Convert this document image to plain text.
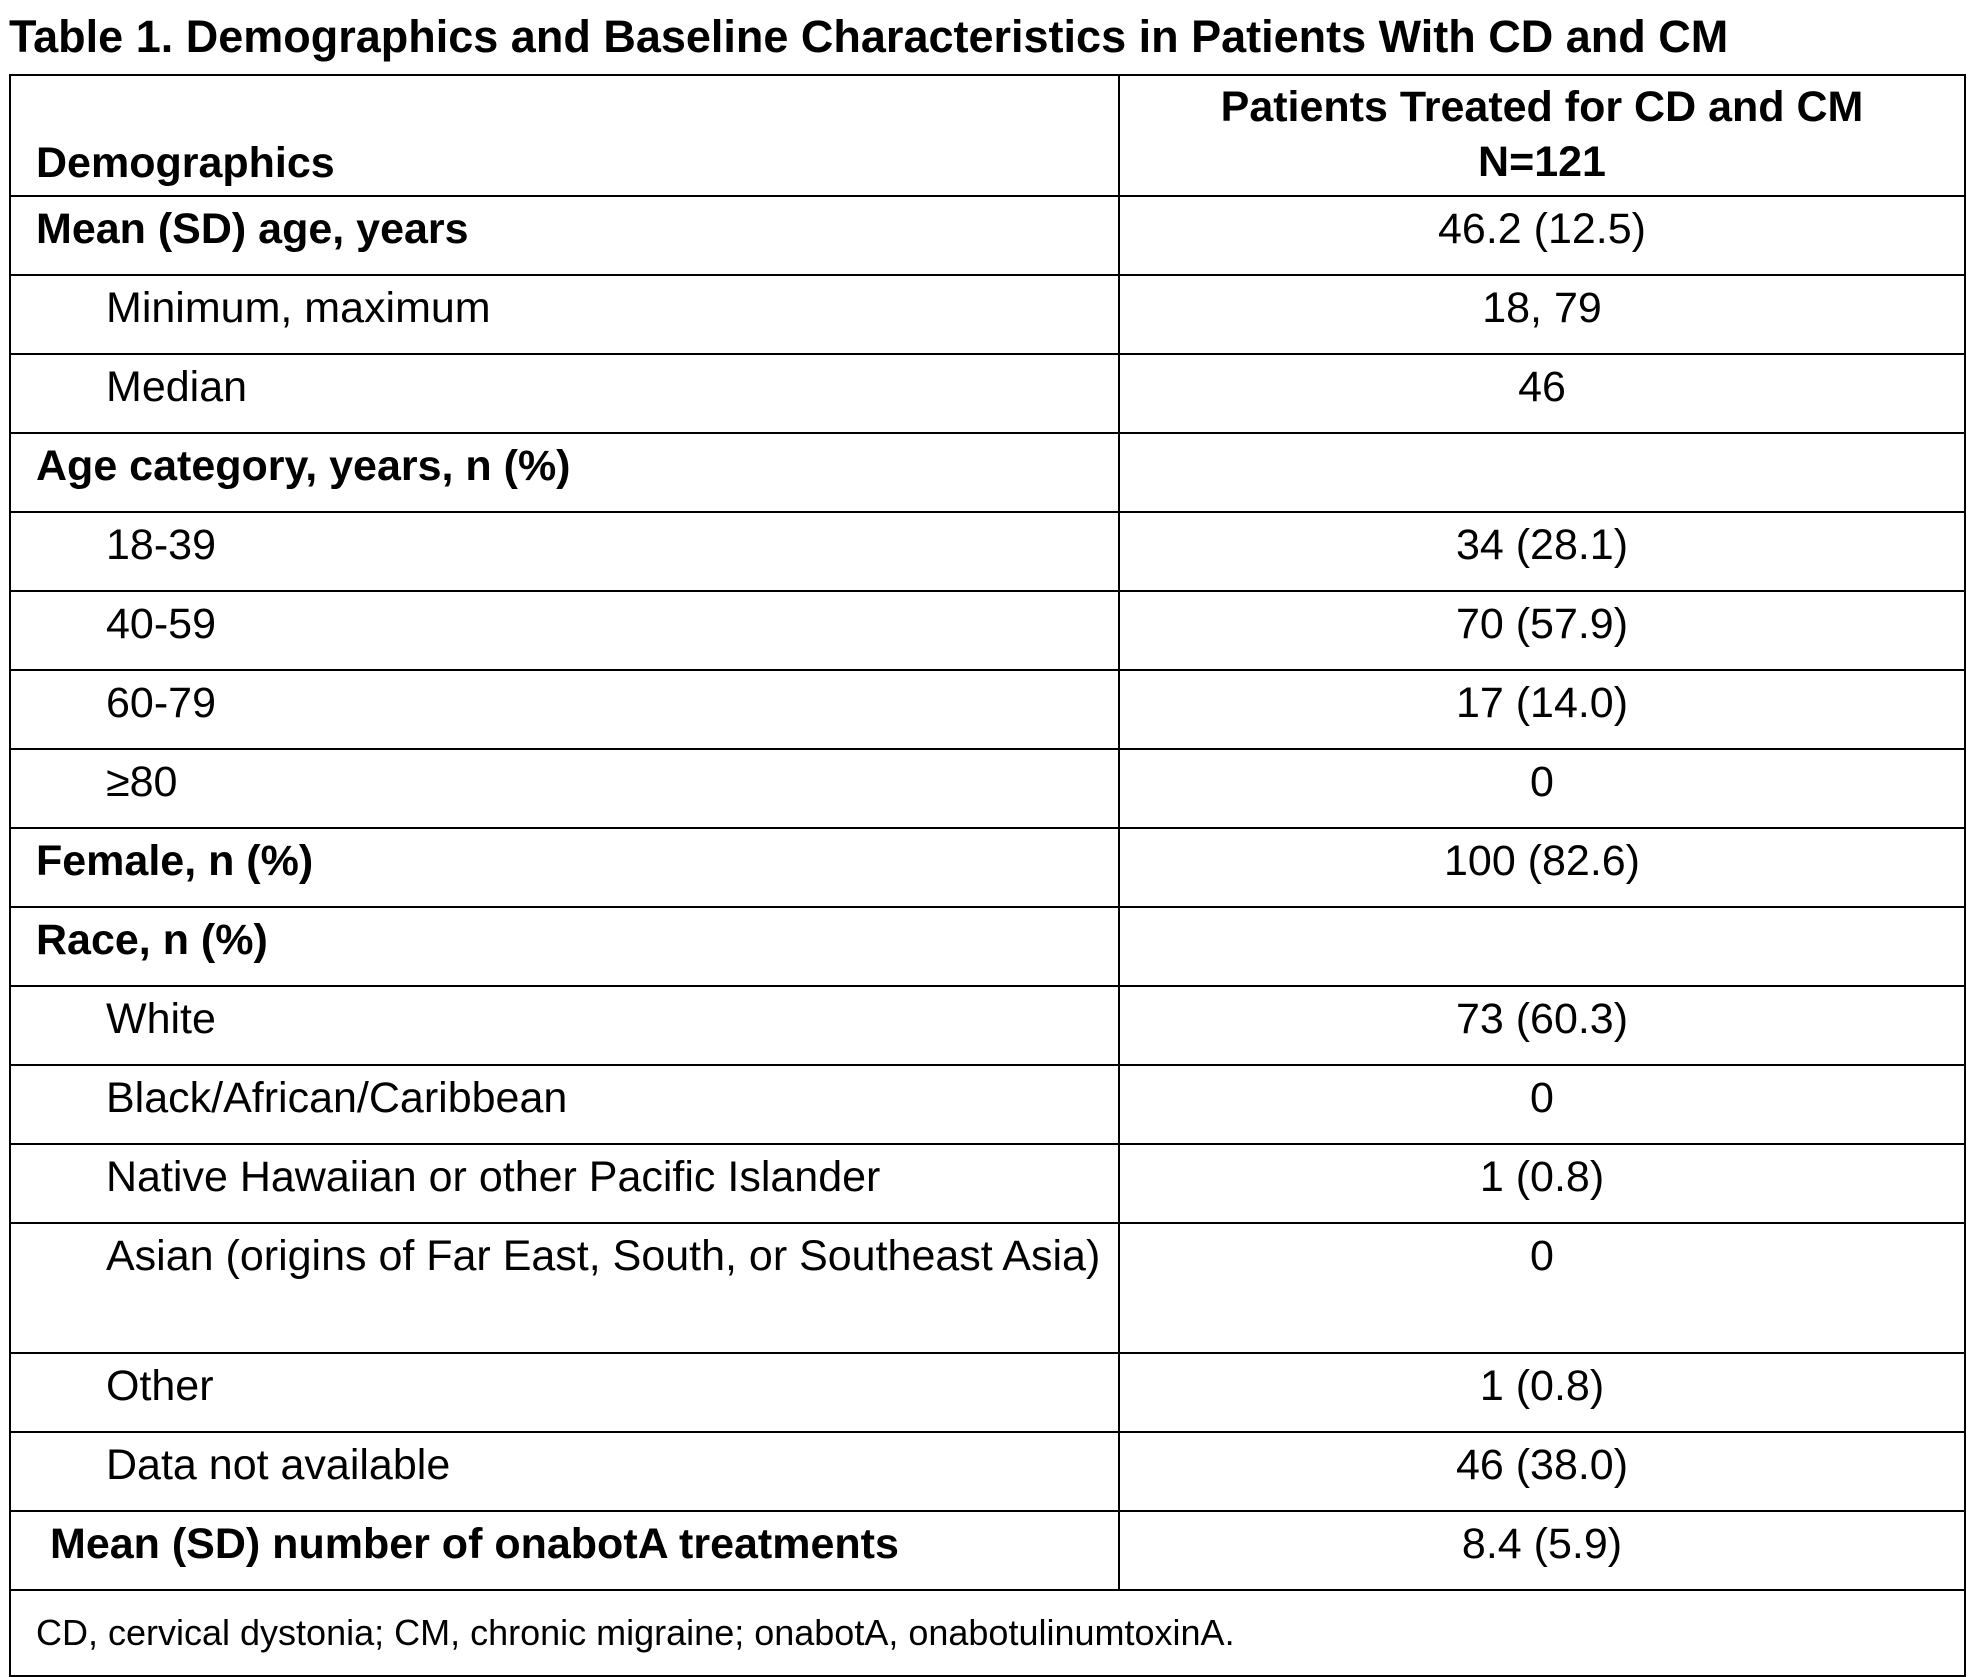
Table 1. Demographics and Baseline Characteristics in Patients With CD and CM
Demographics	Patients Treated for CD and CM
N=121

Mean (SD) age, years	46.2 (12.5)
Minimum, maximum	18, 79
Median	46
Age category, years, n (%)	
18-39	34 (28.1)
40-59	70 (57.9)
60-79	17 (14.0)
≥80	0
Female, n (%)	100 (82.6)
Race, n (%)	
White	73 (60.3)
Black/African/Caribbean	0
Native Hawaiian or other Pacific Islander	1 (0.8)
Asian (origins of Far East, South, or Southeast Asia)	0
Other	1 (0.8)
Data not available	46 (38.0)
Mean (SD) number of onabotA treatments	8.4 (5.9)
CD, cervical dystonia; CM, chronic migraine; onabotA, onabotulinumtoxinA.	
